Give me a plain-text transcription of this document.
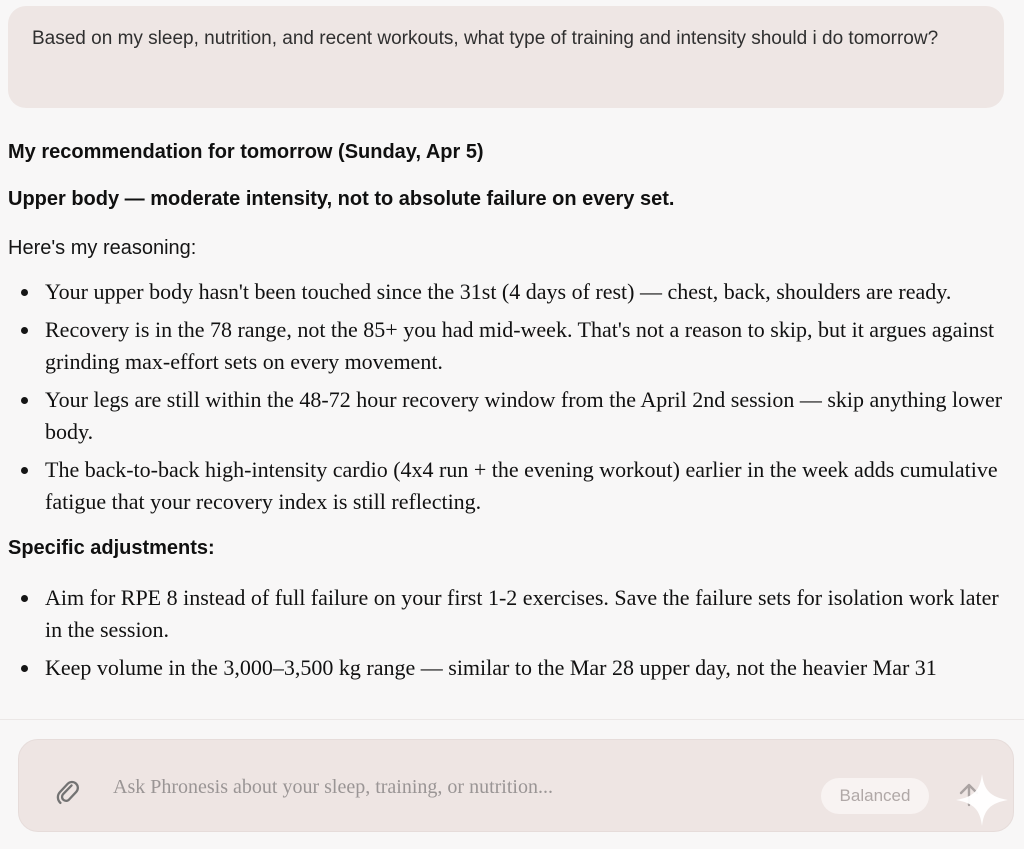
Based on my sleep, nutrition, and recent workouts, what type of training and intensity should i do tomorrow?
My recommendation for tomorrow (Sunday, Apr 5)
Upper body — moderate intensity, not to absolute failure on every set.
Here's my reasoning:
Your upper body hasn't been touched since the 31st (4 days of rest) — chest, back, shoulders are ready.
Recovery is in the 78 range, not the 85+ you had mid-week. That's not a reason to skip, but it argues against grinding max-effort sets on every movement.
Your legs are still within the 48-72 hour recovery window from the April 2nd session — skip anything lower body.
The back-to-back high-intensity cardio (4x4 run + the evening workout) earlier in the week adds cumulative fatigue that your recovery index is still reflecting.
Specific adjustments:
Aim for RPE 8 instead of full failure on your first 1-2 exercises. Save the failure sets for isolation work later in the session.
Keep volume in the 3,000–3,500 kg range — similar to the Mar 28 upper day, not the heavier Mar 31
Ask Phronesis about your sleep, training, or nutrition...
Balanced
